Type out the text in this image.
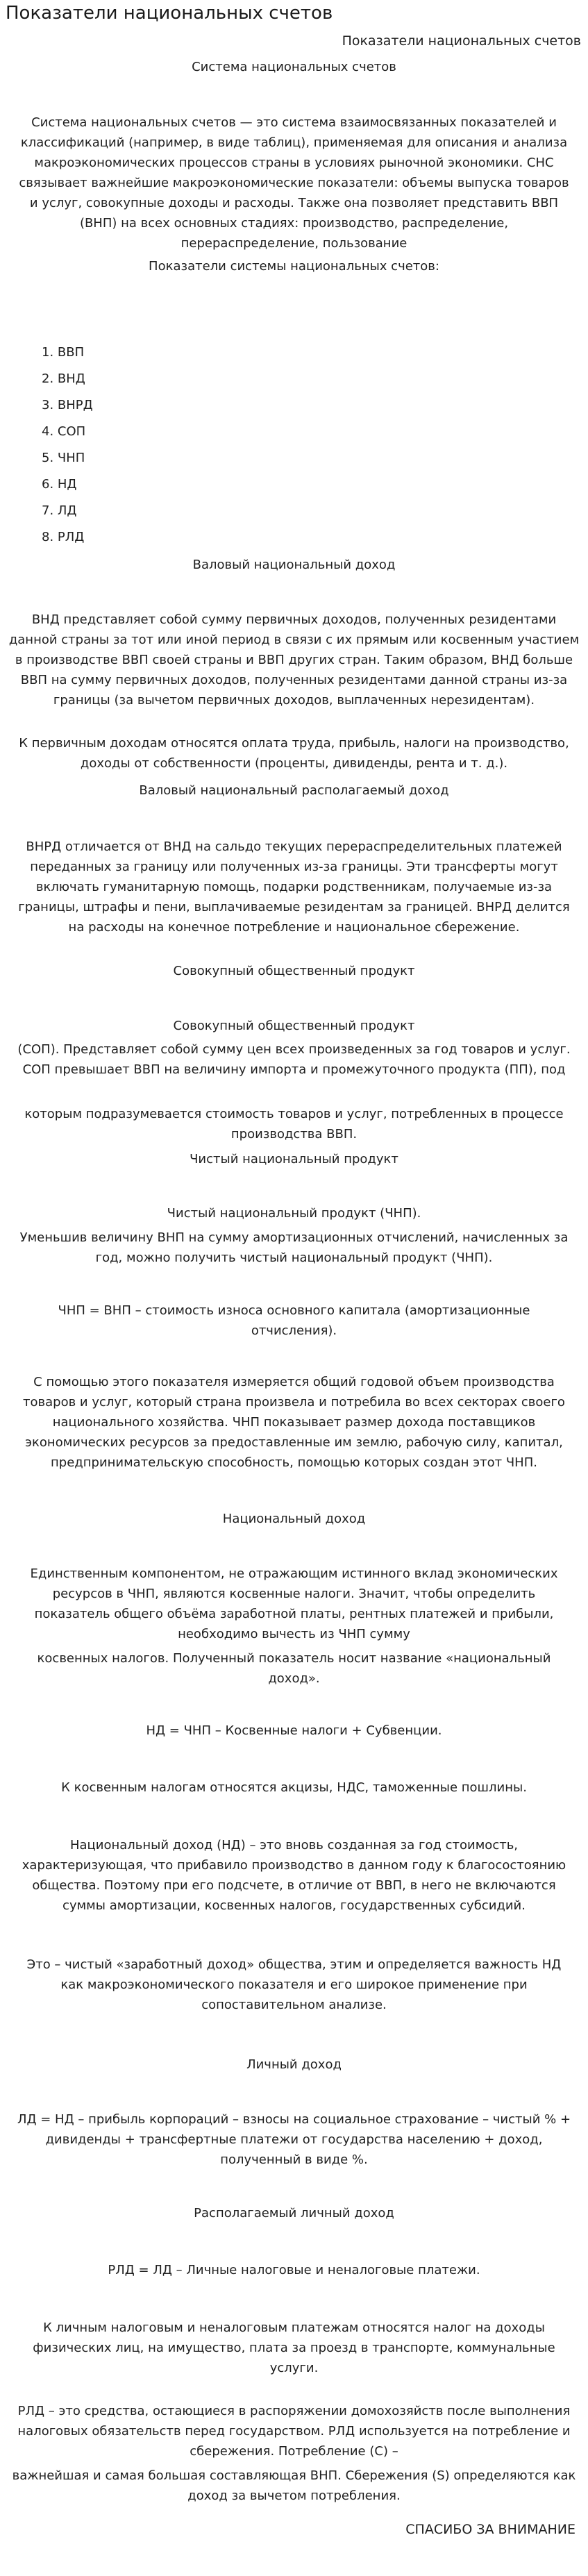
Показатели национальных счетов
Показатели национальных счетов
Система национальных счетов
Система национальных счетов — это система взаимосвязанных показателей и классификаций (например, в виде таблиц), применяемая для описания и анализа макроэкономических процессов страны в условиях рыночной экономики. СНС связывает важнейшие макроэкономические показатели: объемы выпуска товаров и услуг, совокупные доходы и расходы. Также она позволяет представить ВВП (ВНП) на всех основных стадиях: производство, распределение, перераспределение, пользование
Показатели системы национальных счетов:
1. ВВП
2. ВНД
3. ВНРД
4. СОП
5. ЧНП
6. НД
7. ЛД
8. РЛД
Валовый национальный доход
ВНД представляет собой сумму первичных доходов, полученных резидентами данной страны за тот или иной период в связи с их прямым или косвенным участием в производстве ВВП своей страны и ВВП других стран. Таким образом, ВНД больше ВВП на сумму первичных доходов, полученных резидентами данной страны из-за границы (за вычетом первичных доходов, выплаченных нерезидентам).
К первичным доходам относятся оплата труда, прибыль, налоги на производство, доходы от собственности (проценты, дивиденды, рента и т. д.).
Валовый национальный располагаемый доход
ВНРД отличается от ВНД на сальдо текущих перераспределительных платежей переданных за границу или полученных из-за границы. Эти трансферты могут включать гуманитарную помощь, подарки родственникам, получаемые из-за границы, штрафы и пени, выплачиваемые резидентам за границей. ВНРД делится на расходы на конечное потребление и национальное сбережение.
Совокупный общественный продукт
Совокупный общественный продукт
(СОП). Представляет собой сумму цен всех произведенных за год товаров и услуг. СОП превышает ВВП на величину импорта и промежуточного продукта (ПП), под
которым подразумевается стоимость товаров и услуг, потребленных в процессе производства ВВП.
Чистый национальный продукт
Чистый национальный продукт (ЧНП).
Уменьшив величину ВНП на сумму амортизационных отчислений, начисленных за год, можно получить чистый национальный продукт (ЧНП).
ЧНП = ВНП – стоимость износа основного капитала (амортизационные отчисления).
С помощью этого показателя измеряется общий годовой объем производства товаров и услуг, который страна произвела и потребила во всех секторах своего национального хозяйства. ЧНП показывает размер дохода поставщиков экономических ресурсов за предоставленные им землю, рабочую силу, капитал, предпринимательскую способность, помощью которых создан этот ЧНП.
Национальный доход
Единственным компонентом, не отражающим истинного вклад экономических ресурсов в ЧНП, являются косвенные налоги. Значит, чтобы определить показатель общего объёма заработной платы, рентных платежей и прибыли, необходимо вычесть из ЧНП сумму
косвенных налогов. Полученный показатель носит название «национальный доход».
НД = ЧНП – Косвенные налоги + Субвенции.
К косвенным налогам относятся акцизы, НДС, таможенные пошлины.
Национальный доход (НД) – это вновь созданная за год стоимость, характеризующая, что прибавило производство в данном году к благосостоянию общества. Поэтому при его подсчете, в отличие от ВВП, в него не включаются суммы амортизации, косвенных налогов, государственных субсидий.
Это – чистый «заработный доход» общества, этим и определяется важность НД как макроэкономического показателя и его широкое применение при сопоставительном анализе.
Личный доход
ЛД = НД – прибыль корпораций – взносы на социальное страхование – чистый % + дивиденды + трансфертные платежи от государства населению + доход, полученный в виде %.
Располагаемый личный доход
РЛД = ЛД – Личные налоговые и неналоговые платежи.
К личным налоговым и неналоговым платежам относятся налог на доходы физических лиц, на имущество, плата за проезд в транспорте, коммунальные услуги.
РЛД – это средства, остающиеся в распоряжении домохозяйств после выполнения налоговых обязательств перед государством. РЛД используется на потребление и сбережения. Потребление (С) –
важнейшая и самая большая составляющая ВНП. Сбережения (S) определяются как доход за вычетом потребления.
СПАСИБО ЗА ВНИМАНИЕ
